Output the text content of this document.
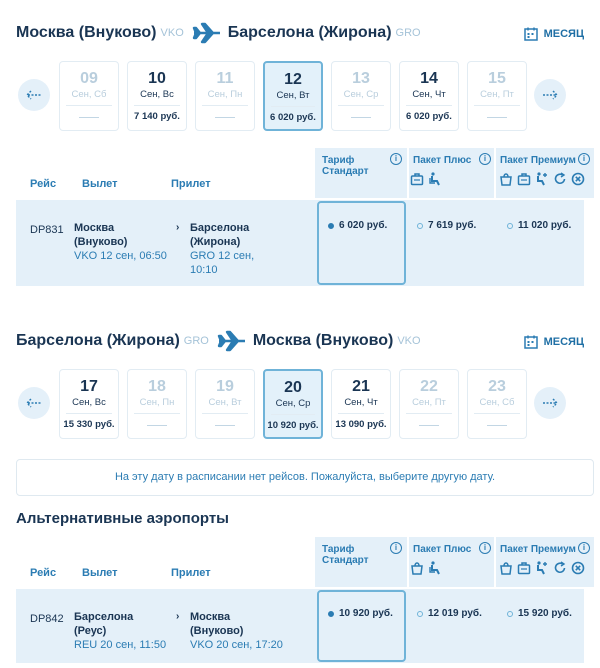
Москва (Внуково) VKO	Барселона (Жирона) GRO	МЕСЯЦ
09
Сен, Сб
10
Сен, Вс
7 140 руб.
11
Сен, Пн
12
Сен, Вт
6 020 руб.
13
Сен, Ср
14
Сен, Чт
6 020 руб.
15
Сен, Пт
Тариф
Стандарт
i	Пакет Плюс	i	Пакет Премиум i
Рейс Вылет	Прилет
DP831 Москва
(Внуково)
VKO 12 сен, 06:50
› Барселона
(Жирона)
GRO 12 сен,
10:10
6 020 руб.	7 619 руб.	11 020 руб.
Барселона (Жирона) GRO	Москва (Внуково) VKO	МЕСЯЦ
17
Сен, Вс
15 330 руб.
18
Сен, Пн
19
Сен, Вт
20
Сен, Ср
10 920 руб.
21
Сен, Чт
13 090 руб.
22
Сен, Пт
23
Сен, Сб
На эту дату в расписании нет рейсов. Пожалуйста, выберите другую дату.
Альтернативные аэропорты
Тариф
Стандарт
i	Пакет Плюс	i	Пакет Премиум i
Рейс Вылет	Прилет
DP842 Барселона
(Реус)
REU 20 сен, 11:50
› Москва
(Внуково)
VKO 20 сен, 17:20
10 920 руб.	12 019 руб.	15 920 руб.
